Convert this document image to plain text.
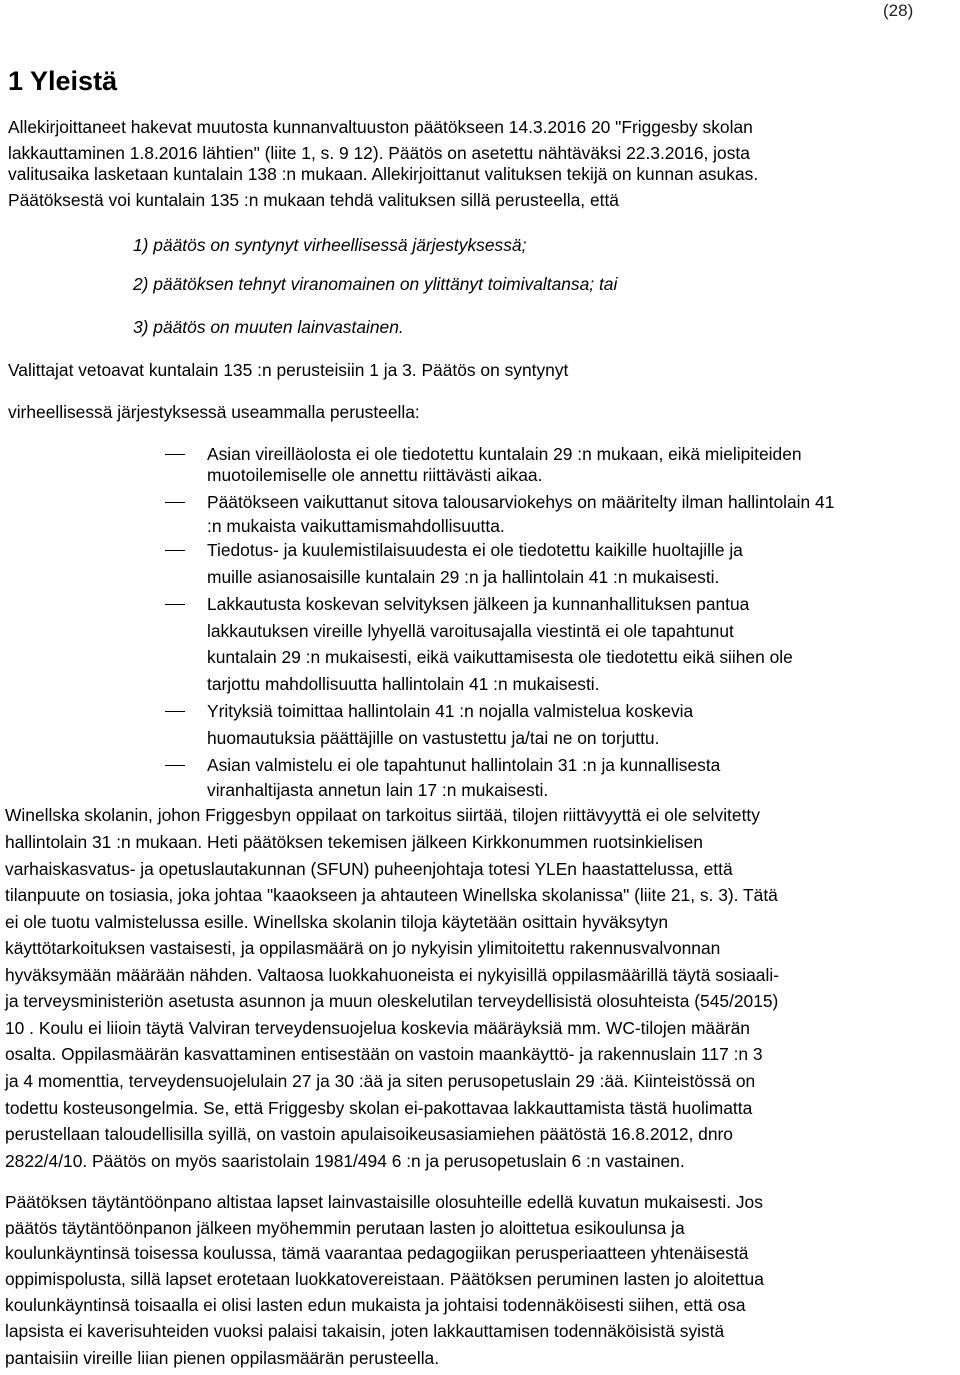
(28)
1 Yleistä
Allekirjoittaneet hakevat muutosta kunnanvaltuuston päätökseen 14.3.2016 20 "Friggesby skolan
lakkauttaminen 1.8.2016 lähtien" (liite 1, s. 9 12). Päätös on asetettu nähtäväksi 22.3.2016, josta
valitusaika lasketaan kuntalain 138 :n mukaan. Allekirjoittanut valituksen tekijä on kunnan asukas.
Päätöksestä voi kuntalain 135 :n mukaan tehdä valituksen sillä perusteella, että
1) päätös on syntynyt virheellisessä järjestyksessä;
2) päätöksen tehnyt viranomainen on ylittänyt toimivaltansa; tai
3) päätös on muuten lainvastainen.
Valittajat vetoavat kuntalain 135 :n perusteisiin 1 ja 3. Päätös on syntynyt
virheellisessä järjestyksessä useammalla perusteella:
Asian vireilläolosta ei ole tiedotettu kuntalain 29 :n mukaan, eikä mielipiteiden
muotoilemiselle ole annettu riittävästi aikaa.
Päätökseen vaikuttanut sitova talousarviokehys on määritelty ilman hallintolain 41
:n mukaista vaikuttamismahdollisuutta.
Tiedotus- ja kuulemistilaisuudesta ei ole tiedotettu kaikille huoltajille ja
muille asianosaisille kuntalain 29 :n ja hallintolain 41 :n mukaisesti.
Lakkautusta koskevan selvityksen jälkeen ja kunnanhallituksen pantua
lakkautuksen vireille lyhyellä varoitusajalla viestintä ei ole tapahtunut
kuntalain 29 :n mukaisesti, eikä vaikuttamisesta ole tiedotettu eikä siihen ole
tarjottu mahdollisuutta hallintolain 41 :n mukaisesti.
Yrityksiä toimittaa hallintolain 41 :n nojalla valmistelua koskevia
huomautuksia päättäjille on vastustettu ja/tai ne on torjuttu.
Asian valmistelu ei ole tapahtunut hallintolain 31 :n ja kunnallisesta
viranhaltijasta annetun lain 17 :n mukaisesti.
Winellska skolanin, johon Friggesbyn oppilaat on tarkoitus siirtää, tilojen riittävyyttä ei ole selvitetty
hallintolain 31 :n mukaan. Heti päätöksen tekemisen jälkeen Kirkkonummen ruotsinkielisen
varhaiskasvatus- ja opetuslautakunnan (SFUN) puheenjohtaja totesi YLEn haastattelussa, että
tilanpuute on tosiasia, joka johtaa "kaaokseen ja ahtauteen Winellska skolanissa" (liite 21, s. 3). Tätä
ei ole tuotu valmistelussa esille. Winellska skolanin tiloja käytetään osittain hyväksytyn
käyttötarkoituksen vastaisesti, ja oppilasmäärä on jo nykyisin ylimitoitettu rakennusvalvonnan
hyväksymään määrään nähden. Valtaosa luokkahuoneista ei nykyisillä oppilasmäärillä täytä sosiaali-
ja terveysministeriön asetusta asunnon ja muun oleskelutilan terveydellisistä olosuhteista (545/2015)
10 . Koulu ei liioin täytä Valviran terveydensuojelua koskevia määräyksiä mm. WC-tilojen määrän
osalta. Oppilasmäärän kasvattaminen entisestään on vastoin maankäyttö- ja rakennuslain 117 :n 3
ja 4 momenttia, terveydensuojelulain 27 ja 30 :ää ja siten perusopetuslain 29 :ää. Kiinteistössä on
todettu kosteusongelmia. Se, että Friggesby skolan ei-pakottavaa lakkauttamista tästä huolimatta
perustellaan taloudellisilla syillä, on vastoin apulaisoikeusasiamiehen päätöstä 16.8.2012, dnro
2822/4/10. Päätös on myös saaristolain 1981/494 6 :n ja perusopetuslain 6 :n vastainen.
Päätöksen täytäntöönpano altistaa lapset lainvastaisille olosuhteille edellä kuvatun mukaisesti. Jos
päätös täytäntöönpanon jälkeen myöhemmin perutaan lasten jo aloittetua esikoulunsa ja
koulunkäyntinsä toisessa koulussa, tämä vaarantaa pedagogiikan perusperiaatteen yhtenäisestä
oppimispolusta, sillä lapset erotetaan luokkatovereistaan. Päätöksen peruminen lasten jo aloitettua
koulunkäyntinsä toisaalla ei olisi lasten edun mukaista ja johtaisi todennäköisesti siihen, että osa
lapsista ei kaverisuhteiden vuoksi palaisi takaisin, joten lakkauttamisen todennäköisistä syistä
pantaisiin vireille liian pienen oppilasmäärän perusteella.
